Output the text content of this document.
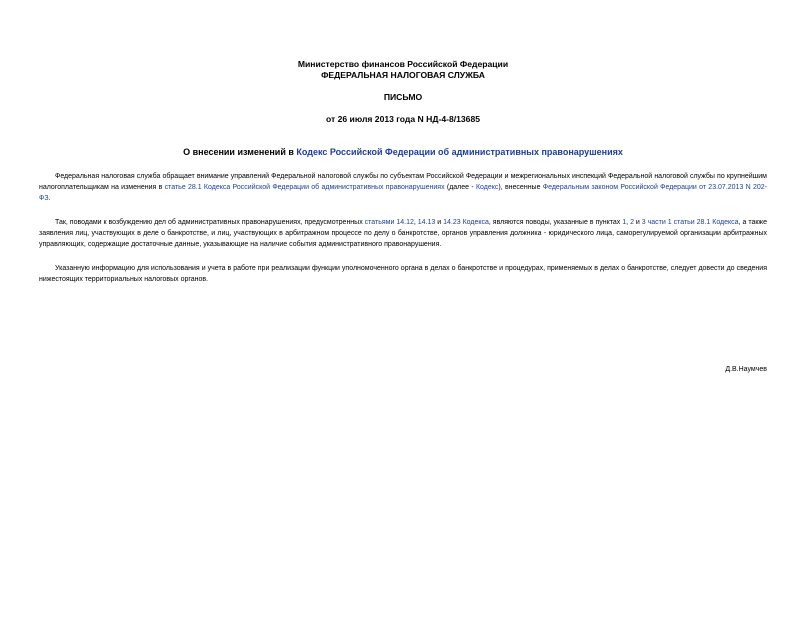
Министерство финансов Российской Федерации
ФЕДЕРАЛЬНАЯ НАЛОГОВАЯ СЛУЖБА
ПИСЬМО
от 26 июля 2013 года N НД-4-8/13685
О внесении изменений в Кодекс Российской Федерации об административных правонарушениях

Федеральная налоговая служба обращает внимание управлений Федеральной налоговой службы по субъектам Российской Федерации и межрегиональных инспекций Федеральной налоговой службы по крупнейшим налогоплательщикам на изменения в статье 28.1 Кодекса Российской Федерации об административных правонарушениях (далее - Кодекс), внесенные Федеральным законом Российской Федерации от 23.07.2013 N 202-ФЗ.

Так, поводами к возбуждению дел об административных правонарушениях, предусмотренных статьями 14.12, 14.13 и 14.23 Кодекса, являются поводы, указанные в пунктах 1, 2 и 3 части 1 статьи 28.1 Кодекса, а также заявления лиц, участвующих в деле о банкротстве, и лиц, участвующих в арбитражном процессе по делу о банкротстве, органов управления должника - юридического лица, саморегулируемой организации арбитражных управляющих, содержащие достаточные данные, указывающие на наличие события административного правонарушения.

Указанную информацию для использования и учета в работе при реализации функции уполномоченного органа в делах о банкротстве и процедурах, применяемых в делах о банкротстве, следует довести до сведения нижестоящих территориальных налоговых органов.

Д.В.Наумчев
